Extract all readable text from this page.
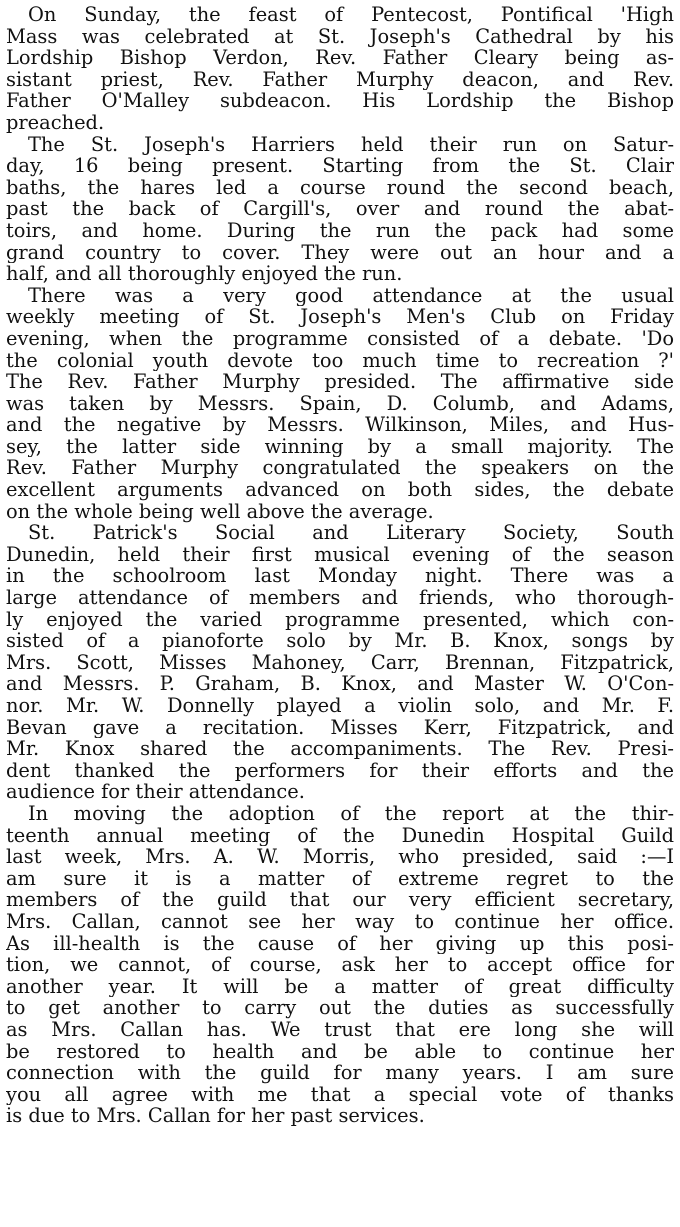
On Sunday, the feast of Pentecost, Pontifical 'High
Mass was celebrated at St. Joseph's Cathedral by his
Lordship Bishop Verdon, Rev. Father Cleary being as-
sistant priest, Rev. Father Murphy deacon, and Rev.
Father O'Malley subdeacon. His Lordship the Bishop
preached.
The St. Joseph's Harriers held their run on Satur-
day, 16 being present. Starting from the St. Clair
baths, the hares led a course round the second beach,
past the back of Cargill's, over and round the abat-
toirs, and home. During the run the pack had some
grand country to cover. They were out an hour and a
half, and all thoroughly enjoyed the run.
There was a very good attendance at the usual
weekly meeting of St. Joseph's Men's Club on Friday
evening, when the programme consisted of a debate. 'Do
the colonial youth devote too much time to recreation ?'
The Rev. Father Murphy presided. The affirmative side
was taken by Messrs. Spain, D. Columb, and Adams,
and the negative by Messrs. Wilkinson, Miles, and Hus-
sey, the latter side winning by a small majority. The
Rev. Father Murphy congratulated the speakers on the
excellent arguments advanced on both sides, the debate
on the whole being well above the average.
St. Patrick's Social and Literary Society, South
Dunedin, held their first musical evening of the season
in the schoolroom last Monday night. There was a
large attendance of members and friends, who thorough-
ly enjoyed the varied programme presented, which con-
sisted of a pianoforte solo by Mr. B. Knox, songs by
Mrs. Scott, Misses Mahoney, Carr, Brennan, Fitzpatrick,
and Messrs. P. Graham, B. Knox, and Master W. O'Con-
nor. Mr. W. Donnelly played a violin solo, and Mr. F.
Bevan gave a recitation. Misses Kerr, Fitzpatrick, and
Mr. Knox shared the accompaniments. The Rev. Presi-
dent thanked the performers for their efforts and the
audience for their attendance.
In moving the adoption of the report at the thir-
teenth annual meeting of the Dunedin Hospital Guild
last week, Mrs. A. W. Morris, who presided, said :—I
am sure it is a matter of extreme regret to the
members of the guild that our very efficient secretary,
Mrs. Callan, cannot see her way to continue her office.
As ill-health is the cause of her giving up this posi-
tion, we cannot, of course, ask her to accept office for
another year. It will be a matter of great difficulty
to get another to carry out the duties as successfully
as Mrs. Callan has. We trust that ere long she will
be restored to health and be able to continue her
connection with the guild for many years. I am sure
you all agree with me that a special vote of thanks
is due to Mrs. Callan for her past services.
